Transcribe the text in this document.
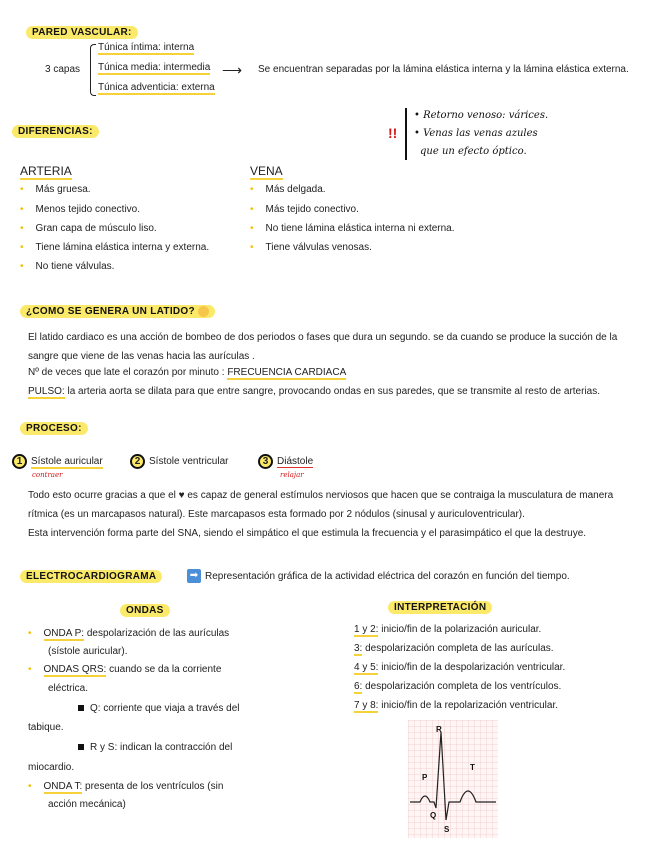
PARED VASCULAR:
3 capas
Túnica íntima: interna
Túnica media: intermedia
Túnica adventicia: externa
⟶ Se encuentran separadas por la lámina elástica interna y la lámina elástica externa.
DIFERENCIAS:	!!
• Retorno venoso: várices.
• Venas las venas azules
que un efecto óptico.
ARTERIA
• Más gruesa.
• Menos tejido conectivo.
• Gran capa de músculo liso.
• Tiene lámina elástica interna y externa.
• No tiene válvulas.
VENA
• Más delgada.
• Más tejido conectivo.
• No tiene lámina elástica interna ni externa.
• Tiene válvulas venosas.
¿COMO SE GENERA UN LATIDO?
El latido cardiaco es una acción de bombeo de dos periodos o fases que dura un segundo. se da cuando se produce la succión de la sangre que viene de las venas hacia las aurículas .
Nº de veces que late el corazón por minuto : FRECUENCIA CARDIACA
PULSO: la arteria aorta se dilata para que entre sangre, provocando ondas en sus paredes, que se transmite al resto de arterias.
PROCESO:
1 Sístole auricular
contraer
2 Sístole ventricular	3 Diástole
relajar
Todo esto ocurre gracias a que el ♥ es capaz de general estímulos nerviosos que hacen que se contraiga la musculatura de manera rítmica (es un marcapasos natural). Este marcapasos esta formado por 2 nódulos (sinusal y auriculoventricular).
Esta intervención forma parte del SNA, siendo el simpático el que estimula la frecuencia y el parasimpático el que la destruye.
ELECTROCARDIOGRAMA	➡ Representación gráfica de la actividad eléctrica del corazón en función del tiempo.
ONDAS
• ONDA P: despolarización de las aurículas
(sístole auricular).
• ONDAS QRS: cuando se da la corriente
eléctrica.
Q: corriente que viaja a través del
tabique.
R y S: indican la contracción del
miocardio.
• ONDA T: presenta de los ventrículos (sin
acción mecánica)
INTERPRETACIÓN
1 y 2: inicio/fin de la polarización auricular.
3: despolarización completa de las aurículas.
4 y 5: inicio/fin de la despolarización ventricular.
6: despolarización completa de los ventrículos.
7 y 8: inicio/fin de la repolarización ventricular.
R
P
T
Q
S
